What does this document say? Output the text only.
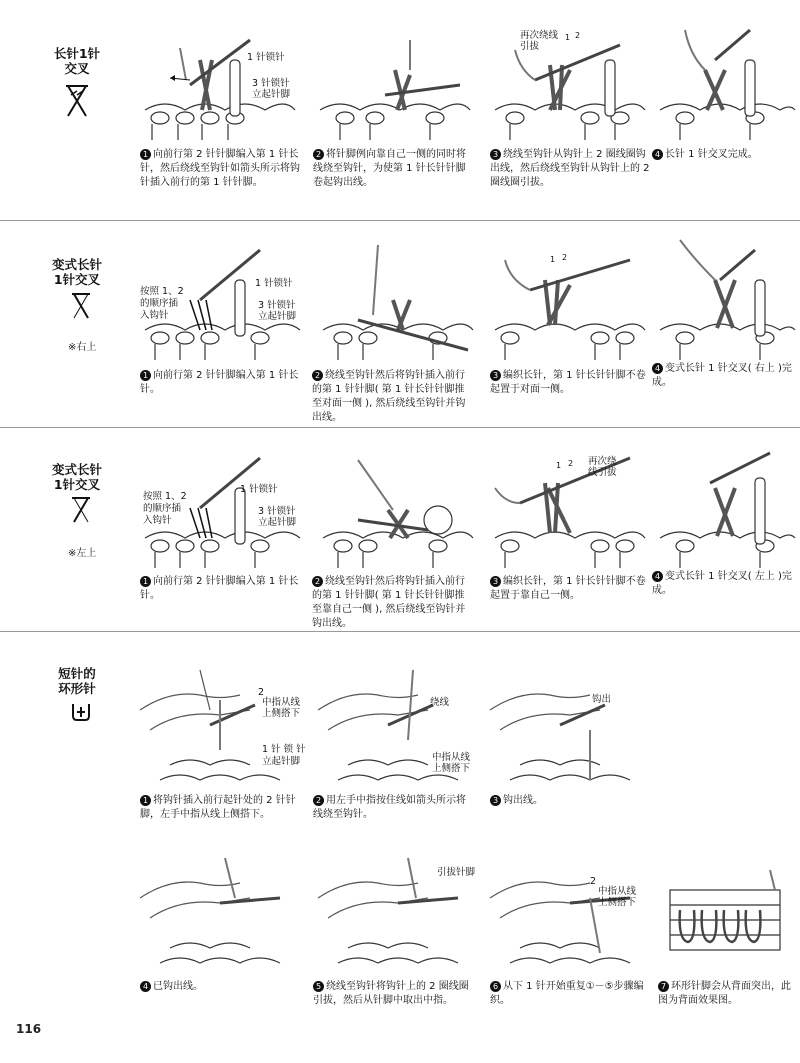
长针1针
交叉
1 针锁针
3 针锁针
立起针脚
1 向前行第 2 针针脚编入第 1 针长针，然后绕线至钩针如箭头所示将钩针插入前行的第 1 针针脚。
2 将针脚例向靠自己一侧的同时将线绕至钩针，为使第 1 针长针针脚卷起钩出线。
再次绕线
引拔
1 2
3 绕线至钩针从钩针上 2 圈线圈钩出线，然后绕线至钩针从钩针上的 2 圈线圈引拔。
4 长针 1 针交叉完成。
变式长针
1针交叉
※右上
按照 1、2
的顺序插
入钩针
1 针锁针
3 针锁针
立起针脚
1 向前行第 2 针针脚编入第 1 针长针。
2 绕线至钩针然后将钩针插入前行的第 1 针针脚( 第 1 针长针针脚推至对面一侧 ), 然后绕线至钩针并钩出线。
1 2
3 编织长针，第 1 针长针针脚不卷起置于对面一侧。
4 变式长针 1 针交叉( 右上 )完成。
变式长针
1针交叉
※左上
按照 1、2
的顺序插
入钩针
1 针锁针
3 针锁针
立起针脚
1 向前行第 2 针针脚编入第 1 针长针。
2 绕线至钩针然后将钩针插入前行的第 1 针针脚( 第 1 针长针针脚推至靠自己一侧 ), 然后绕线至钩针并钩出线。
再次绕
线引拔
1 2
3 编织长针，第 1 针长针针脚不卷起置于靠自己一侧。
4 变式长针 1 针交叉( 左上 )完成。
短针的
环形针	2
中指从线
上侧搭下
1 针 锁 针
立起针脚
1 将钩针插入前行起针处的 2 针针脚，左手中指从线上侧搭下。
绕线
中指从线
上侧搭下
2 用左手中指按住线如箭头所示将线绕至钩针。
钩出
3 钩出线。
4 已钩出线。
引拔针脚
5 绕线至钩针将钩针上的 2 圈线圈引拔，然后从针脚中取出中指。
2
中指从线
上侧搭下
6 从下 1 针开始重复①－⑤步骤编织。
7 环形针脚会从背面突出，此图为背面效果图。
116
